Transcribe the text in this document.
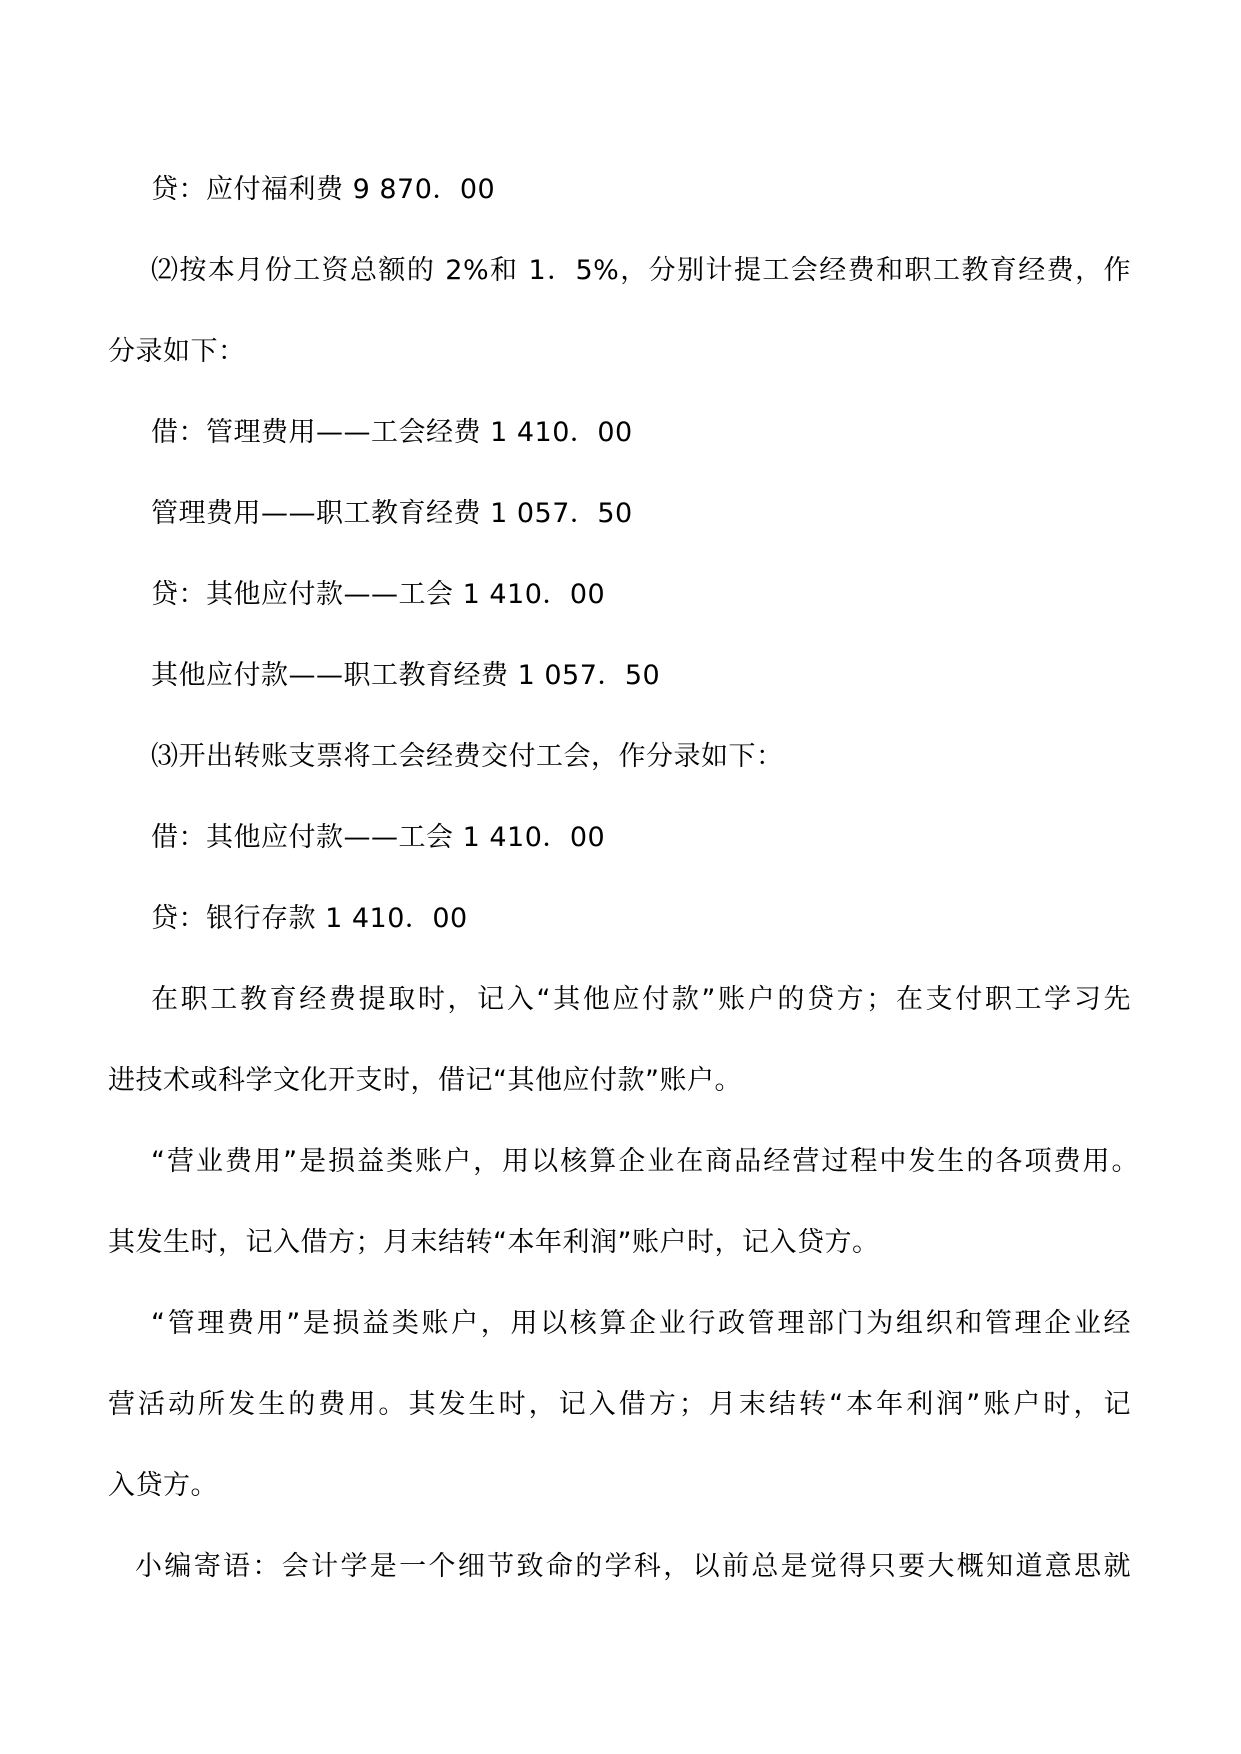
贷：应付福利费 9 870．00
⑵按本月份工资总额的 2%和 1．5%，分别计提工会经费和职工教育经费，作
分录如下：
借：管理费用——工会经费 1 410．00
管理费用——职工教育经费 1 057．50
贷：其他应付款——工会 1 410．00
其他应付款——职工教育经费 1 057．50
⑶开出转账支票将工会经费交付工会，作分录如下：
借：其他应付款——工会 1 410．00
贷：银行存款 1 410．00
在职工教育经费提取时，记入“其他应付款”账户的贷方；在支付职工学习先
进技术或科学文化开支时，借记“其他应付款”账户。
“营业费用”是损益类账户，用以核算企业在商品经营过程中发生的各项费用。
其发生时，记入借方；月末结转“本年利润”账户时，记入贷方。
“管理费用”是损益类账户，用以核算企业行政管理部门为组织和管理企业经
营活动所发生的费用。其发生时，记入借方；月末结转“本年利润”账户时，记
入贷方。
小编寄语：会计学是一个细节致命的学科，以前总是觉得只要大概知道意思就
